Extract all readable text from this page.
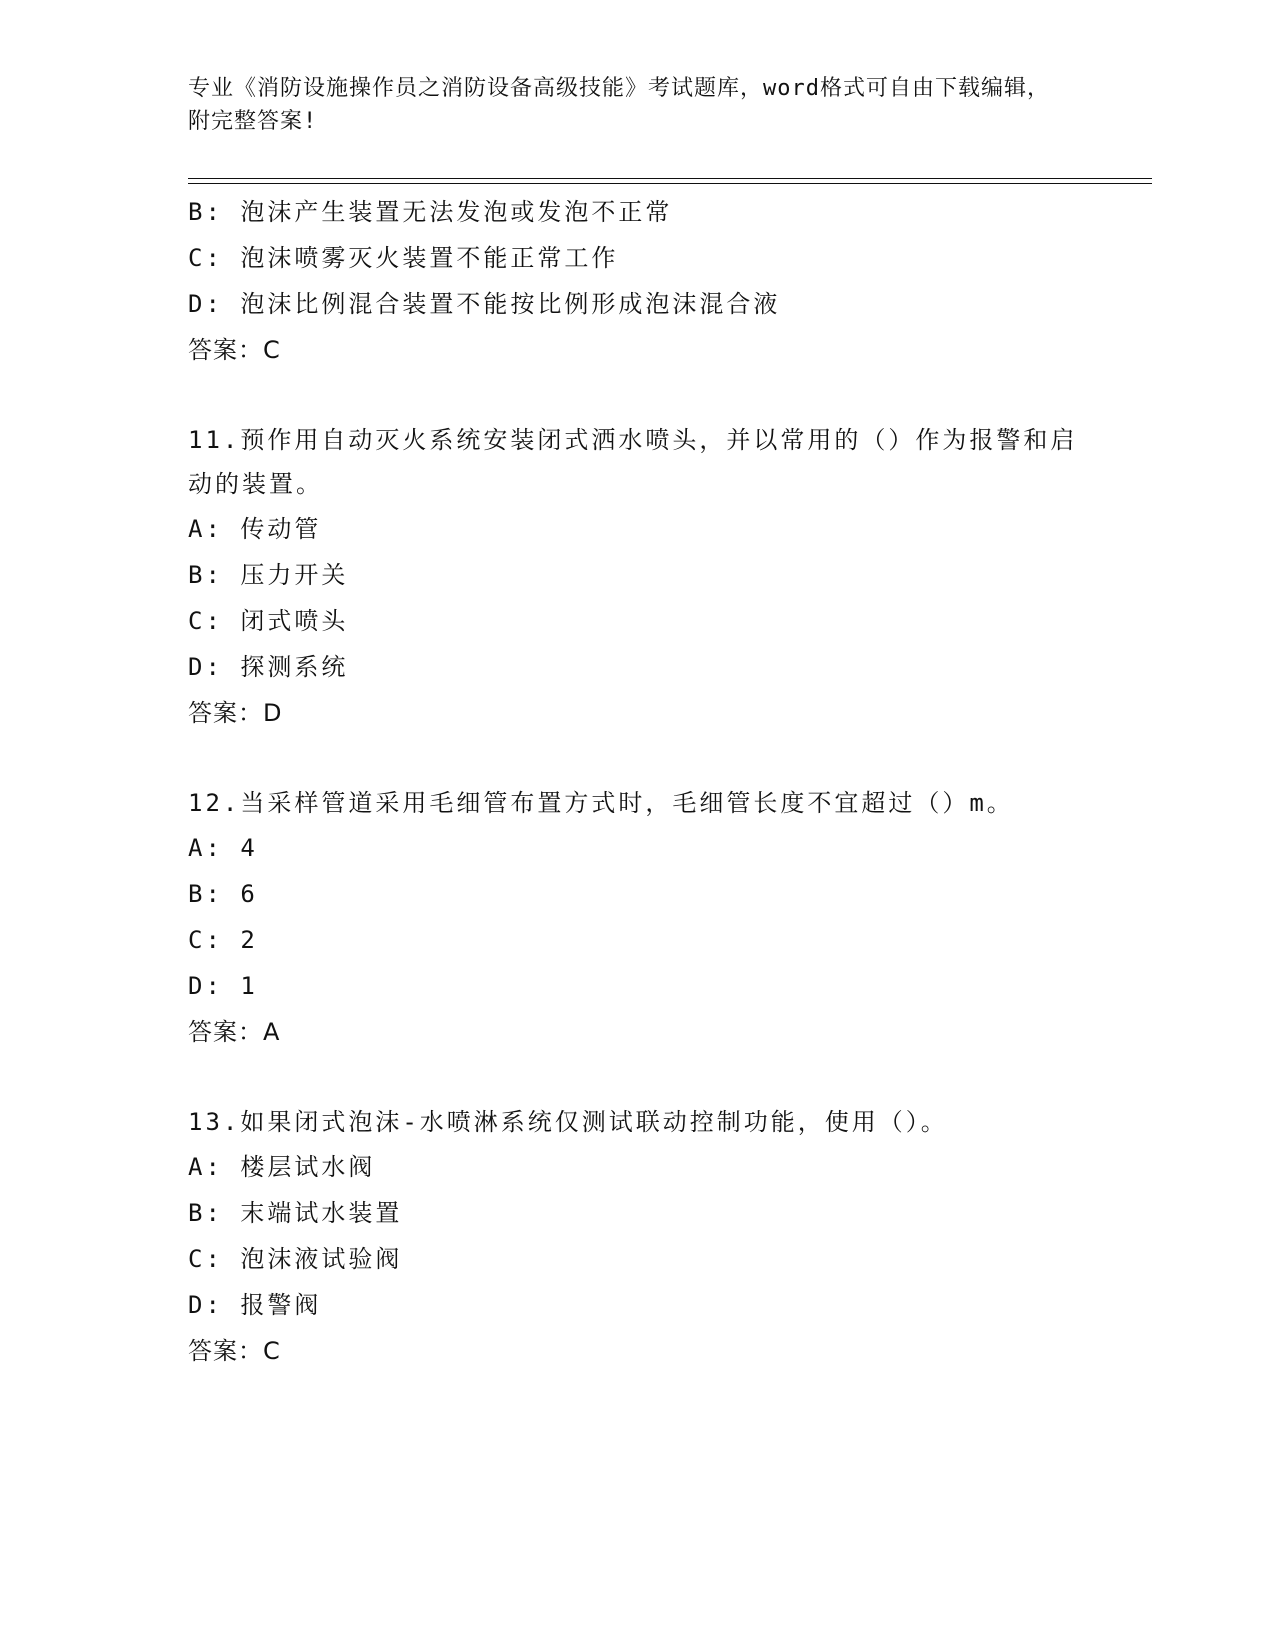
专业《消防设施操作员之消防设备高级技能》考试题库，word格式可自由下载编辑，附完整答案!
B: 泡沫产生装置无法发泡或发泡不正常
C: 泡沫喷雾灭火装置不能正常工作
D: 泡沫比例混合装置不能按比例形成泡沫混合液
答案：C
11.预作用自动灭火系统安装闭式洒水喷头，并以常用的（）作为报警和启动的装置。
A: 传动管
B: 压力开关
C: 闭式喷头
D: 探测系统
答案：D
12.当采样管道采用毛细管布置方式时，毛细管长度不宜超过（）m。
A: 4
B: 6
C: 2
D: 1
答案：A
13.如果闭式泡沫-水喷淋系统仅测试联动控制功能，使用（）。
A: 楼层试水阀
B: 末端试水装置
C: 泡沫液试验阀
D: 报警阀
答案：C
